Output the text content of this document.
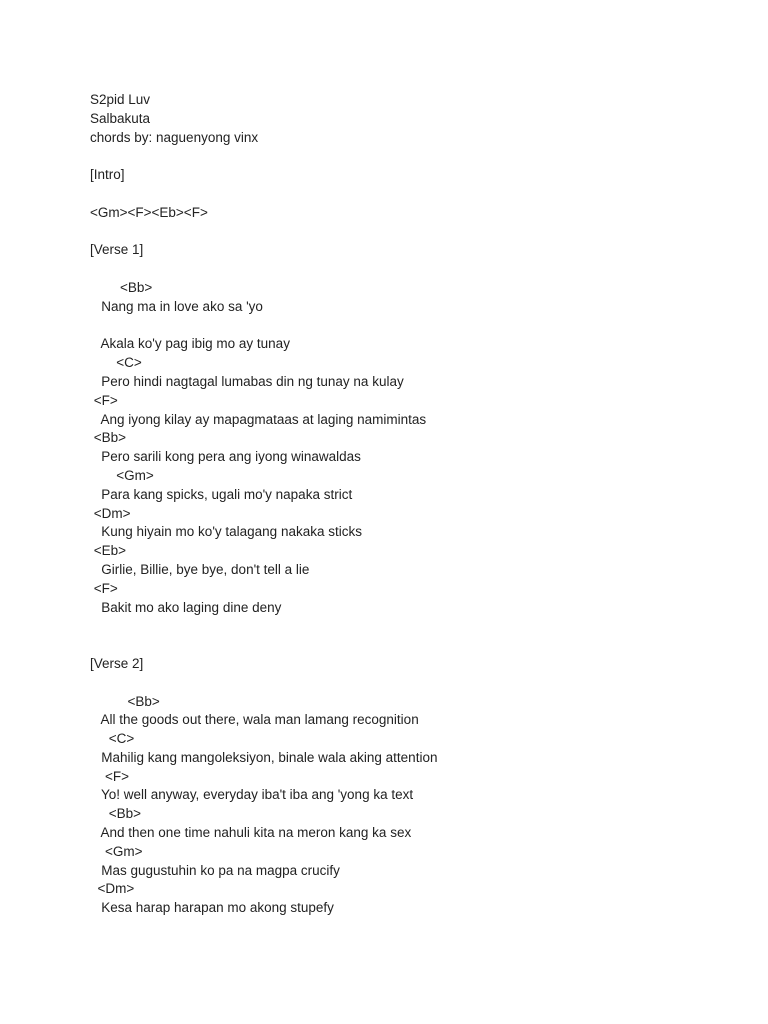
S2pid Luv

Salbakuta

chords by: naguenyong vinx

[Intro]

<Gm><F><Eb><F>

[Verse 1]

<Bb>

Nang ma in love ako sa 'yo

Akala ko'y pag ibig mo ay tunay

<C>

Pero hindi nagtagal lumabas din ng tunay na kulay

<F>

Ang iyong kilay ay mapagmataas at laging namimintas

<Bb>

Pero sarili kong pera ang iyong winawaldas

<Gm>

Para kang spicks, ugali mo'y napaka strict

<Dm>

Kung hiyain mo ko'y talagang nakaka sticks

<Eb>

Girlie, Billie, bye bye, don't tell a lie

<F>

Bakit mo ako laging dine deny

[Verse 2]

<Bb>

All the goods out there, wala man lamang recognition

<C>

Mahilig kang mangoleksiyon, binale wala aking attention

<F>

Yo! well anyway, everyday iba't iba ang 'yong ka text

<Bb>

And then one time nahuli kita na meron kang ka sex

<Gm>

Mas gugustuhin ko pa na magpa crucify

<Dm>

Kesa harap harapan mo akong stupefy
